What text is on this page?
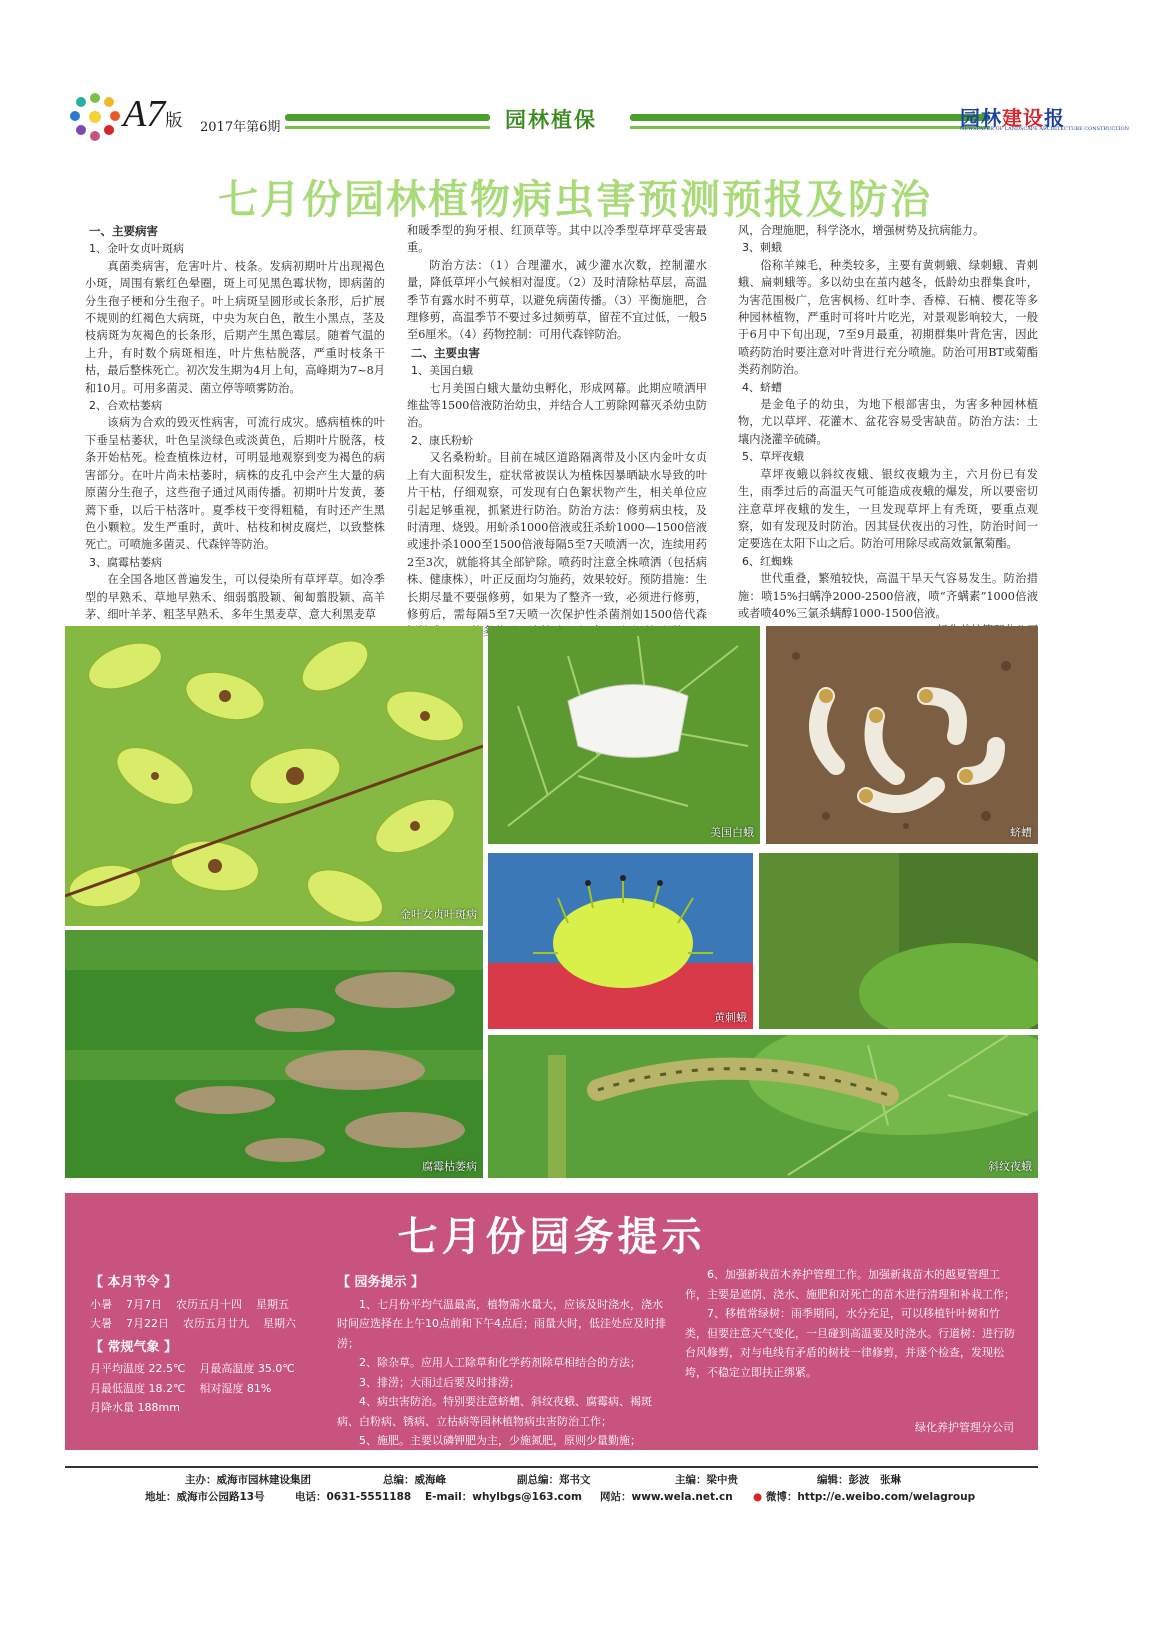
A7版 2017年第6期	园林植保	园林建设报
NEWSPAPER OF LANDSCAPE ARCHITECTURE CONSTRUCTION
七月份园林植物病虫害预测预报及防治
一、主要病害
1、金叶女贞叶斑病

真菌类病害，危害叶片、枝条。发病初期叶片出现褐色小斑，周围有紫红色晕圈，斑上可见黑色霉状物，即病菌的分生孢子梗和分生孢子。叶上病斑呈圆形或长条形，后扩展不规则的红褐色大病斑，中央为灰白色，散生小黑点，茎及枝病斑为灰褐色的长条形，后期产生黑色霉层。随着气温的上升，有时数个病斑相连，叶片焦枯脱落，严重时枝条干枯，最后整株死亡。初次发生期为4月上旬，高峰期为7~8月和10月。可用多菌灵、菌立停等喷雾防治。

2、合欢枯萎病

该病为合欢的毁灭性病害，可流行成灾。感病植株的叶下垂呈枯萎状，叶色呈淡绿色或淡黄色，后期叶片脱落，枝条开始枯死。检查植株边材，可明显地观察到变为褐色的病害部分。在叶片尚未枯萎时，病株的皮孔中会产生大量的病原菌分生孢子，这些孢子通过风雨传播。初期叶片发黄，萎蔫下垂，以后干枯落叶。夏季枝干变得粗糙，有时还产生黑色小颗粒。发生严重时，黄叶、枯枝和树皮腐烂，以致整株死亡。可喷施多菌灵、代森锌等防治。

3、腐霉枯萎病

在全国各地区普遍发生，可以侵染所有草坪草。如冷季型的早熟禾、草地早熟禾、细弱翦股颖、匍匐翦股颖、高羊茅、细叶羊茅、粗茎早熟禾、多年生黑麦草、意大利黑麦草

和暖季型的狗牙根、红顶草等。其中以冷季型草坪草受害最重。

防治方法：（1）合理灌水，减少灌水次数，控制灌水量，降低草坪小气候相对湿度。（2）及时清除枯草层，高温季节有露水时不剪草，以避免病菌传播。（3）平衡施肥，合理修剪，高温季节不要过多过频剪草，留茬不宜过低，一般5至6厘米。（4）药物控制：可用代森锌防治。

二、主要虫害
1、美国白蛾

七月美国白蛾大量幼虫孵化，形成网幕。此期应喷洒甲维盐等1500倍液防治幼虫，并结合人工剪除网幕灭杀幼虫防治。

2、康氏粉蚧

又名桑粉蚧。目前在城区道路隔离带及小区内金叶女贞上有大面积发生，症状常被误认为植株因暴晒缺水导致的叶片干枯，仔细观察，可发现有白色絮状物产生，相关单位应引起足够重视，抓紧进行防治。防治方法：修剪病虫枝，及时清理、烧毁。用蚧杀1000倍液或狂杀蚧1000—1500倍液或速扑杀1000至1500倍液每隔5至7天喷洒一次，连续用药2至3次，就能将其全部铲除。喷药时注意全株喷洒（包括病株、健康株），叶正反面均匀施药，效果较好。预防措施：生长期尽量不要强修剪，如果为了整齐一致，必须进行修剪，修剪后，需每隔5至7天喷一次保护性杀菌剂如1500倍代森

风，合理施肥，科学浇水，增强树势及抗病能力。

3、刺蛾

俗称羊辣毛，种类较多，主要有黄刺蛾、绿刺蛾、青刺蛾、扁刺蛾等。多以幼虫在茧内越冬，低龄幼虫群集食叶，为害范围极广，危害枫杨、红叶李、香樟、石楠、樱花等多种园林植物，严重时可将叶片吃光，对景观影响较大，一般于6月中下旬出现，7至9月最重，初期群集叶背危害，因此喷药防治时要注意对叶背进行充分喷施。防治可用BT或菊酯类药剂防治。

4、蛴螬

是金龟子的幼虫，为地下根部害虫，为害多种园林植物，尤以草坪、花灌木、盆花容易受害缺苗。防治方法：土壤内浇灌辛硫磷。

5、草坪夜蛾

草坪夜蛾以斜纹夜蛾、银纹夜蛾为主，六月份已有发生，雨季过后的高温天气可能造成夜蛾的爆发，所以要密切注意草坪夜蛾的发生，一旦发现草坪上有秃斑，要重点观察，如有发现及时防治。因其昼伏夜出的习性，防治时间一定要选在太阳下山之后。防治可用除尽或高效氯氰菊酯。

6、红蜘蛛

世代重叠，繁殖较快，高温干旱天气容易发生。防治措施：喷15%扫螨净2000-2500倍液，喷“齐螨素”1000倍液或者喷40%三氯杀螨醇1000-1500倍液。

金叶女贞叶斑病
美国白蛾	蛴螬
黄刺蛾
腐霉枯萎病	斜纹夜蛾
七月份园务提示
【 本月节令 】
小暑 7月7日 农历五月十四 星期五
大暑 7月22日 农历五月廿九 星期六
【 常规气象 】
月平均温度 22.5℃ 月最高温度 35.0℃
月最低温度 18.2℃ 相对湿度 81%
月降水量 188mm
【 园务提示 】

1、七月份平均气温最高，植物需水量大，应该及时浇水，浇水时间应选择在上午10点前和下午4点后；雨量大时，低洼处应及时排涝；

2、除杂草。应用人工除草和化学药剂除草相结合的方法；

3、排涝；大雨过后要及时排涝；

4、病虫害防治。特别要注意蛴螬、斜纹夜蛾、腐霉病、褐斑病、白粉病、锈病、立枯病等园林植物病虫害防治工作；

5、施肥。主要以磷钾肥为主，少施氮肥，原则少量勤施；

6、加强新栽苗木养护管理工作。加强新栽苗木的越夏管理工作，主要是遮荫、浇水、施肥和对死亡的苗木进行清理和补栽工作；

7、移植常绿树：雨季期间，水分充足，可以移植针叶树和竹类，但要注意天气变化，一旦碰到高温要及时浇水。行道树：进行防台风修剪，对与电线有矛盾的树枝一律修剪，并逐个检查，发现松垮，不稳定立即扶正绑紧。

绿化养护管理分公司
主办：威海市园林建设集团	总编：威海峰	副总编：郑书文	主编：梁中贵	编辑：彭波　张琳
地址：威海市公园路13号	电话：0631-5551188 E-mail：whylbgs@163.com 网站：www.wela.net.cn ● 微博：http://e.weibo.com/welagroup
